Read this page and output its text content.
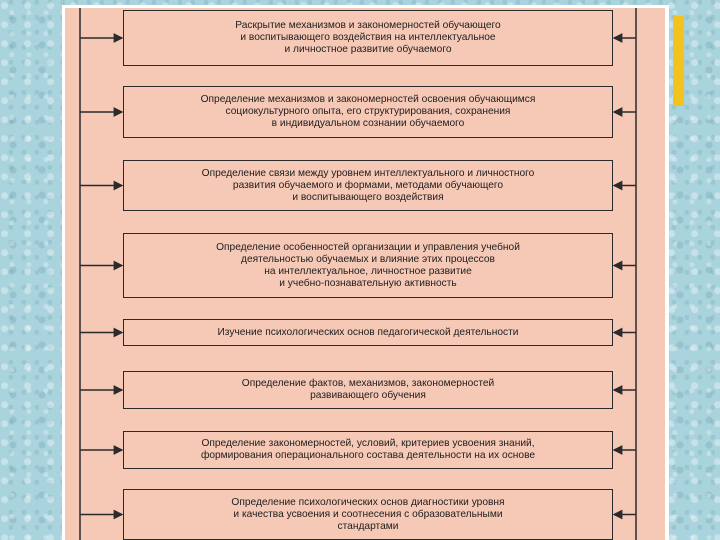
Раскрытие механизмов и закономерностей обучающего
и воспитывающего воздействия на интеллектуальное
и личностное развитие обучаемого
Определение механизмов и закономерностей освоения обучающимся
социокультурного опыта, его структурирования, сохранения
в индивидуальном сознании обучаемого
Определение связи между уровнем интеллектуального и личностного
развития обучаемого и формами, методами обучающего
и воспитывающего воздействия
Определение особенностей организации и управления учебной
деятельностью обучаемых и влияние этих процессов
на интеллектуальное, личностное развитие
и учебно-познавательную активность
Изучение психологических основ педагогической деятельности
Определение фактов, механизмов, закономерностей
развивающего обучения
Определение закономерностей, условий, критериев усвоения знаний,
формирования операционального состава деятельности на их основе
Определение психологических основ диагностики уровня
и качества усвоения и соотнесения с образовательными
стандартами
